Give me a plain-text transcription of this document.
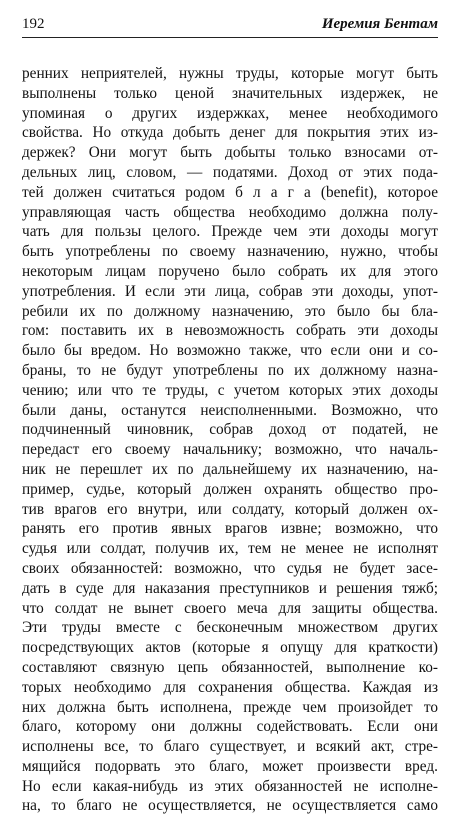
192	Иеремия Бентам
ренних неприятелей, нужны труды, которые могут быть
выполнены только ценой значительных издержек, не
упоминая о других издержках, менее необходимого
свойства. Но откуда добыть денег для покрытия этих из-
держек? Они могут быть добыты только взносами от-
дельных лиц, словом, — податями. Доход от этих пода-
тей должен считаться родом б л а г а (benefit), которое
управляющая часть общества необходимо должна полу-
чать для пользы целого. Прежде чем эти доходы могут
быть употреблены по своему назначению, нужно, чтобы
некоторым лицам поручено было собрать их для этого
употребления. И если эти лица, собрав эти доходы, упот-
ребили их по должному назначению, это было бы бла-
гом: поставить их в невозможность собрать эти доходы
было бы вредом. Но возможно также, что если они и со-
браны, то не будут употреблены по их должному назна-
чению; или что те труды, с учетом которых этих доходы
были даны, останутся неисполненными. Возможно, что
подчиненный чиновник, собрав доход от податей, не
передаст его своему начальнику; возможно, что началь-
ник не перешлет их по дальнейшему их назначению, на-
пример, судье, который должен охранять общество про-
тив врагов его внутри, или солдату, который должен ох-
ранять его против явных врагов извне; возможно, что
судья или солдат, получив их, тем не менее не исполнят
своих обязанностей: возможно, что судья не будет засе-
дать в суде для наказания преступников и решения тяжб;
что солдат не вынет своего меча для защиты общества.
Эти труды вместе с бесконечным множеством других
посредствующих актов (которые я опущу для краткости)
составляют связную цепь обязанностей, выполнение ко-
торых необходимо для сохранения общества. Каждая из
них должна быть исполнена, прежде чем произойдет то
благо, которому они должны содействовать. Если они
исполнены все, то благо существует, и всякий акт, стре-
мящийся подорвать это благо, может произвести вред.
Но если какая-нибудь из этих обязанностей не исполне-
на, то благо не осуществляется, не осуществляется само
